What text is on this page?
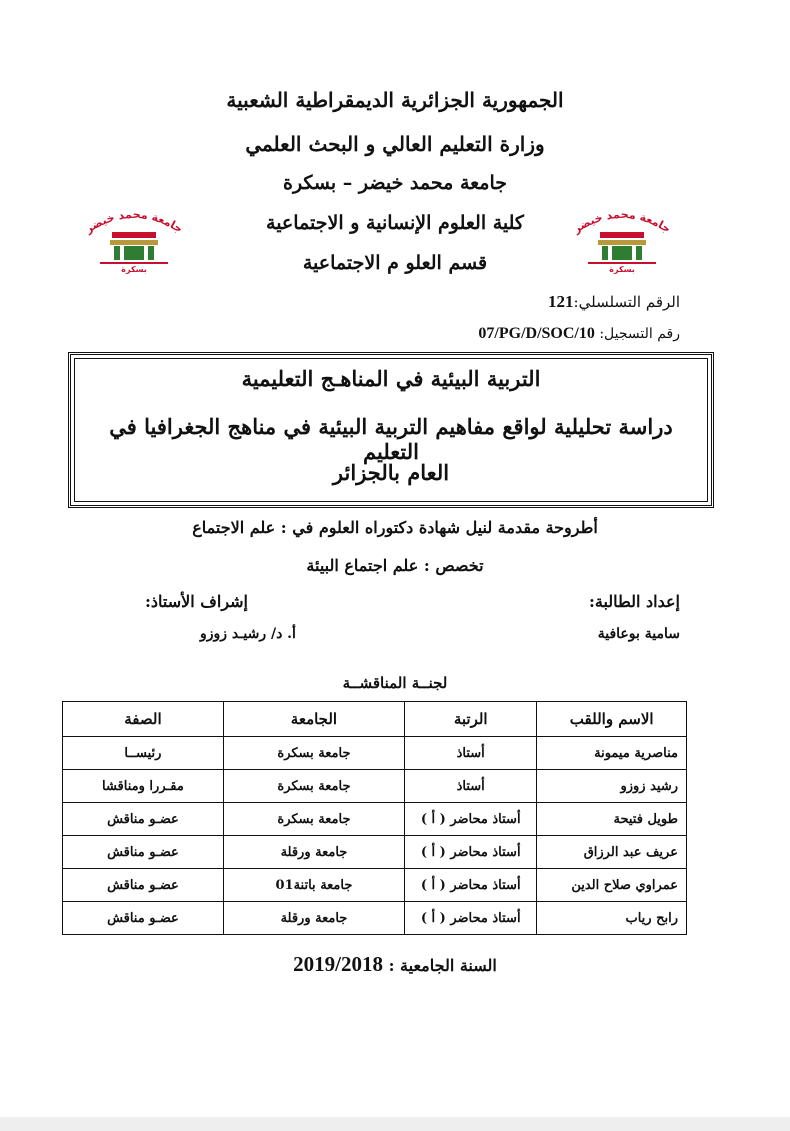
الجمهورية الجزائرية الديمقراطية الشعبية
وزارة التعليم العالي و البحث العلمي
جامعة محمد خيضر – بسكرة
كلية العلوم الإنسانية و الاجتماعية
قسم العلو م الاجتماعية
جامعة محمد خيضر
بسكرة
جامعة محمد خيضر
بسكرة
الرقم التسلسلي:121
رقم التسجيل: 07/PG/D/SOC/10
التربية البيئية في المناهـج التعليمية
دراسة تحليلية لواقع مفاهيم التربية البيئية في مناهج الجغرافيا في التعليم
العام بالجزائر
أطروحة مقدمة لنيل شهادة دكتوراه العلوم في : علم الاجتماع
تخصص : علم اجتماع البيئة
إعداد الطالبة:
إشراف الأستاذ:
سامية بوعافية
أ. د/ رشيـد زوزو
لجنــة المناقشــة
الاسم واللقب	الرتبة	الجامعة	الصفة
مناصرية ميمونة	أستاذ	جامعة بسكرة	رئيســا
رشيد زوزو	أستاذ	جامعة بسكرة	مقـررا ومناقشا
طويل فتيحة	أستاذ محاضر ( أ )	جامعة بسكرة	عضـو مناقش
عريف عبد الرزاق	أستاذ محاضر ( أ )	جامعة ورقلة	عضـو مناقش
عمراوي صلاح الدين	أستاذ محاضر ( أ )	جامعة باتنة01	عضـو مناقش
رابح رياب	أستاذ محاضر ( أ )	جامعة ورقلة	عضـو مناقش
السنة الجامعية : 2019/2018
